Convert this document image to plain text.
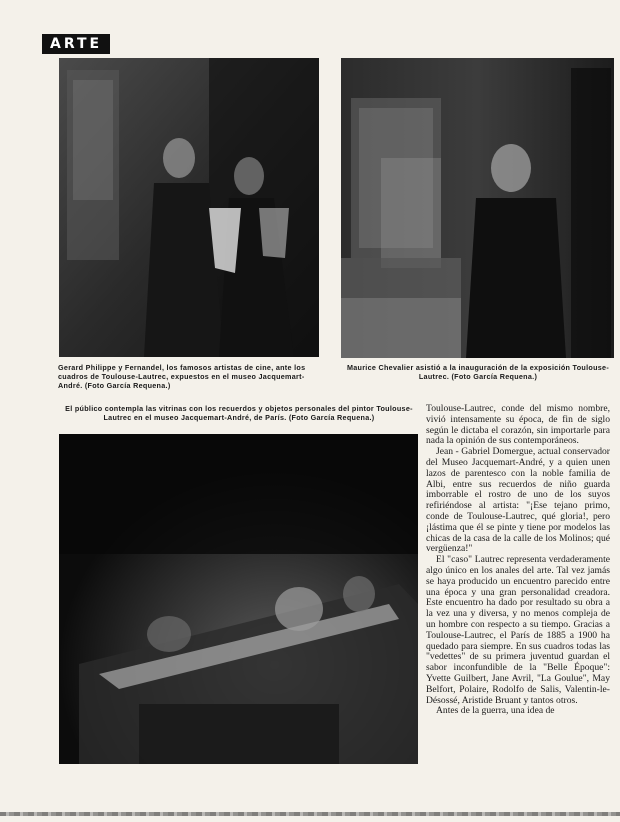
ARTE
Gerard Philippe y Fernandel, los famosos artistas de cine, ante los cuadros de Toulouse-Lautrec, expuestos en el museo Jacquemart-André. (Foto García Requena.)
Maurice Chevalier asistió a la inauguración de la exposición Toulouse-Lautrec. (Foto García Requena.)
El público contempla las vitrinas con los recuerdos y objetos personales del pintor Toulouse-Lautrec en el museo Jacquemart-André, de París. (Foto García Requena.)

Toulouse-Lautrec, conde del mismo nombre, vivió intensamente su época, de fin de siglo según le dictaba el corazón, sin importarle para nada la opinión de sus contemporáneos.

Jean - Gabriel Domergue, actual conservador del Museo Jacquemart-André, y a quien unen lazos de parentesco con la noble familia de Albi, entre sus recuerdos de niño guarda imborrable el rostro de uno de los suyos refiriéndose al artista: "¡Ese tejano primo, conde de Toulouse-Lautrec, qué gloria!, pero ¡lástima que él se pinte y tiene por modelos las chicas de la casa de la calle de los Molinos; qué vergüenza!"

El "caso" Lautrec representa verdaderamente algo único en los anales del arte. Tal vez jamás se haya producido un encuentro parecido entre una época y una gran personalidad creadora. Este encuentro ha dado por resultado su obra a la vez una y diversa, y no menos compleja de un hombre con respecto a su tiempo. Gracias a Toulouse-Lautrec, el París de 1885 a 1900 ha quedado para siempre. En sus cuadros todas las "vedettes" de su primera juventud guardan el sabor inconfundible de la "Belle Époque": Yvette Guilbert, Jane Avril, "La Goulue", May Belfort, Polaire, Rodolfo de Salis, Valentin-le-Désossé, Aristide Bruant y tantos otros.

Antes de la guerra, una idea de
